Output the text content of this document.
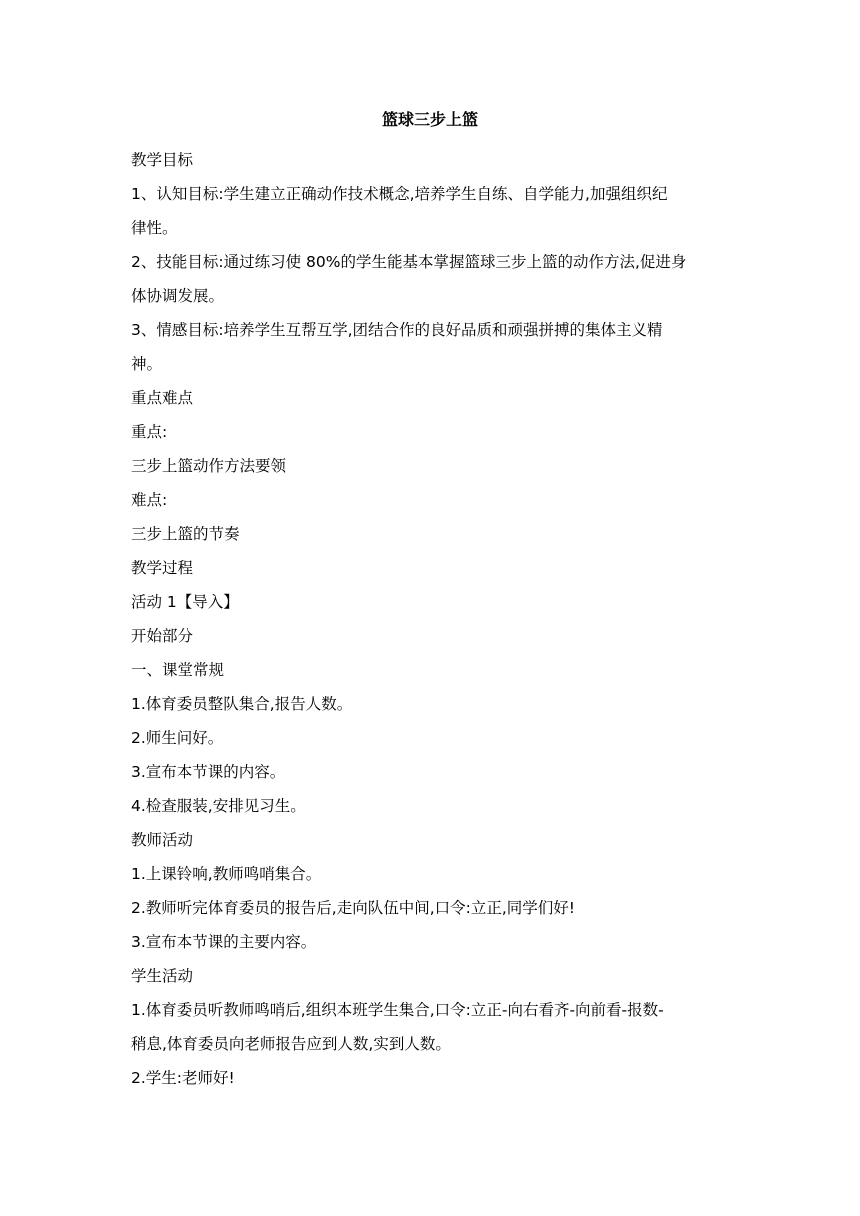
篮球三步上篮

教学目标

1、认知目标:学生建立正确动作技术概念,培养学生自练、自学能力,加强组织纪

律性。

2、技能目标:通过练习使 80%的学生能基本掌握篮球三步上篮的动作方法,促进身

体协调发展。

3、情感目标:培养学生互帮互学,团结合作的良好品质和顽强拼搏的集体主义精

神。

重点难点

重点:

三步上篮动作方法要领

难点:

三步上篮的节奏

教学过程

活动 1【导入】

开始部分

一、课堂常规

1.体育委员整队集合,报告人数。

2.师生问好。

3.宣布本节课的内容。

4.检查服装,安排见习生。

教师活动

1.上课铃响,教师鸣哨集合。

2.教师听完体育委员的报告后,走向队伍中间,口令:立正,同学们好!

3.宣布本节课的主要内容。

学生活动

1.体育委员听教师鸣哨后,组织本班学生集合,口令:立正-向右看齐-向前看-报数-

稍息,体育委员向老师报告应到人数,实到人数。

2.学生:老师好!
